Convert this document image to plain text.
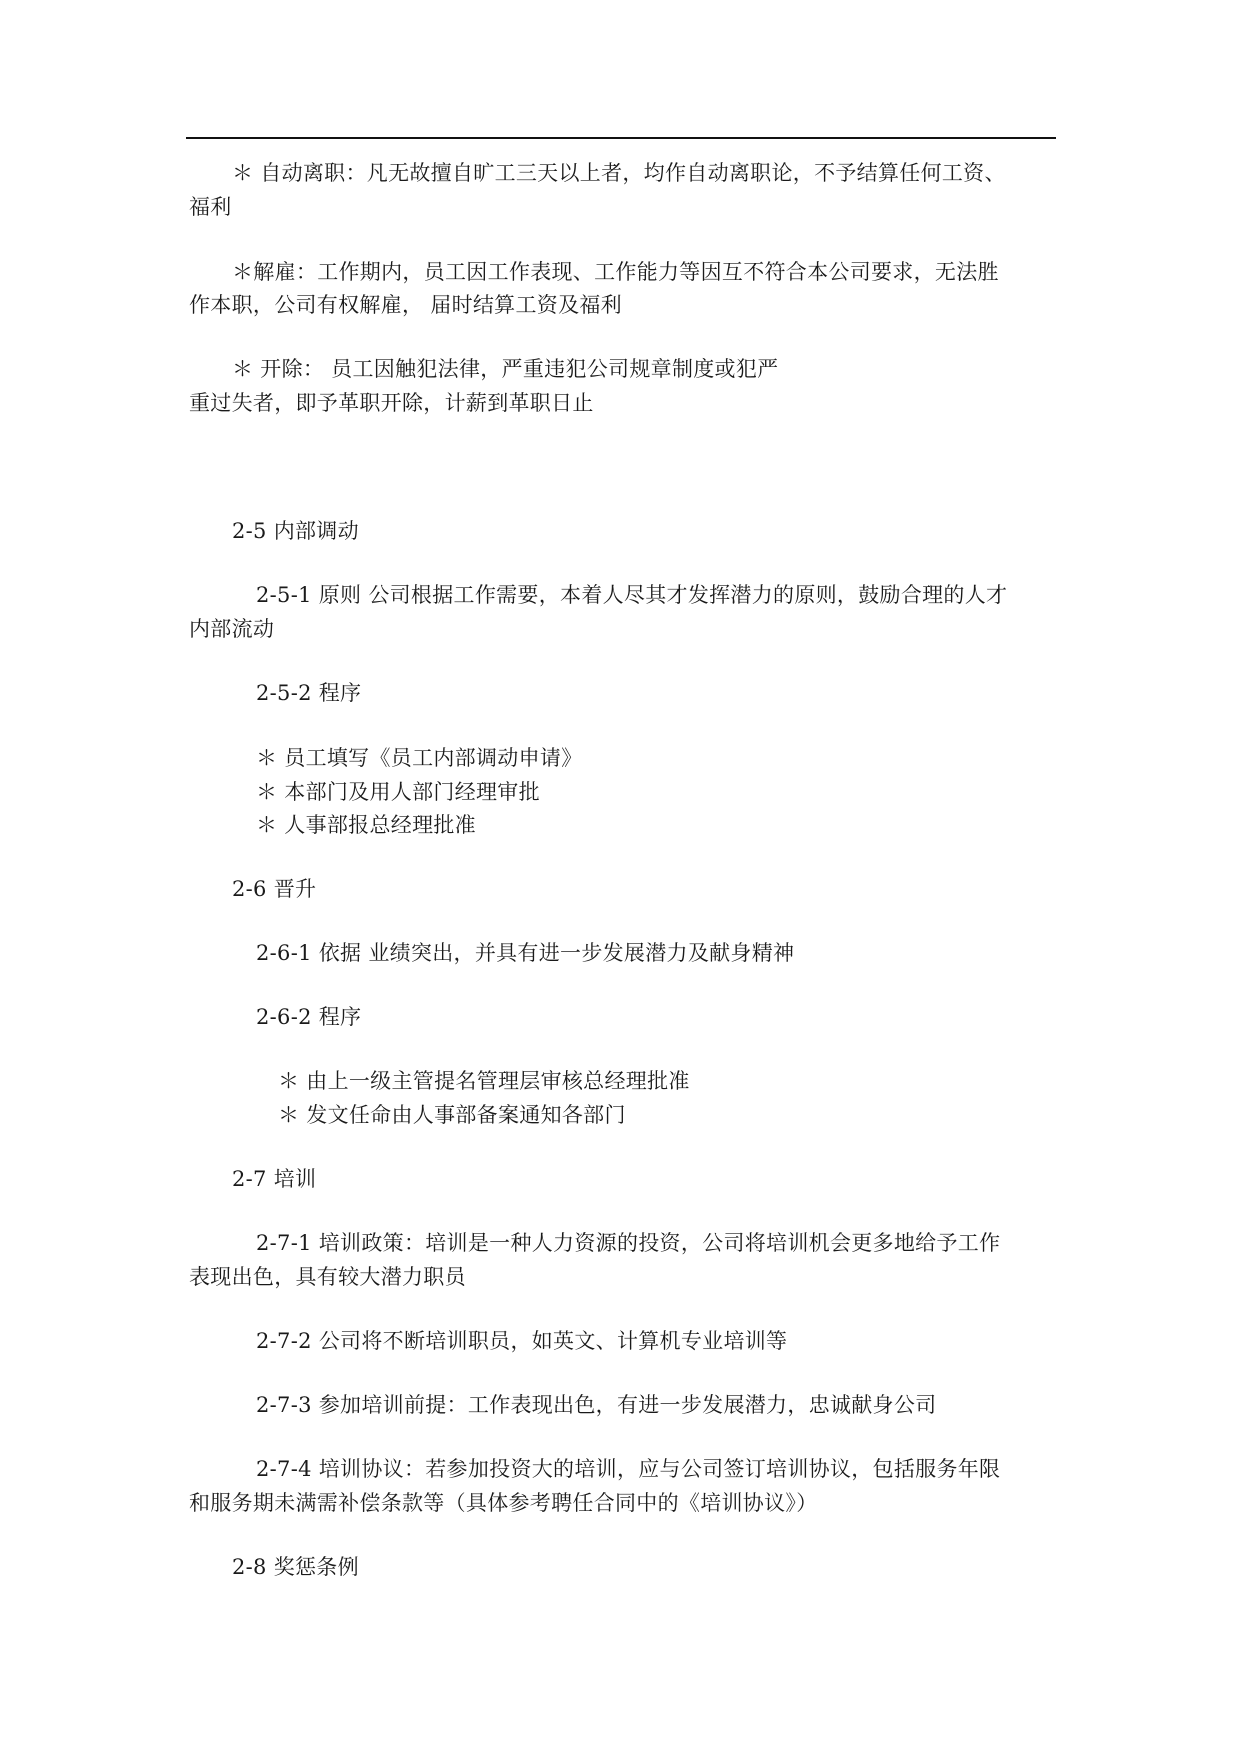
＊ 自动离职：凡无故擅自旷工三天以上者，均作自动离职论，不予结算任何工资、
福利
＊解雇：工作期内，员工因工作表现、工作能力等因互不符合本公司要求，无法胜
作本职，公司有权解雇， 届时结算工资及福利
＊ 开除： 员工因触犯法律，严重违犯公司规章制度或犯严
重过失者，即予革职开除，计薪到革职日止
2-5 内部调动
2-5-1 原则 公司根据工作需要，本着人尽其才发挥潜力的原则，鼓励合理的人才
内部流动
2-5-2 程序
＊ 员工填写《员工内部调动申请》
＊ 本部门及用人部门经理审批
＊ 人事部报总经理批准
2-6 晋升
2-6-1 依据 业绩突出，并具有进一步发展潜力及献身精神
2-6-2 程序
＊ 由上一级主管提名管理层审核总经理批准
＊ 发文任命由人事部备案通知各部门
2-7 培训
2-7-1 培训政策：培训是一种人力资源的投资，公司将培训机会更多地给予工作
表现出色，具有较大潜力职员
2-7-2 公司将不断培训职员，如英文、计算机专业培训等
2-7-3 参加培训前提：工作表现出色，有进一步发展潜力，忠诚献身公司
2-7-4 培训协议：若参加投资大的培训，应与公司签订培训协议，包括服务年限
和服务期未满需补偿条款等（具体参考聘任合同中的《培训协议》）
2-8 奖惩条例
